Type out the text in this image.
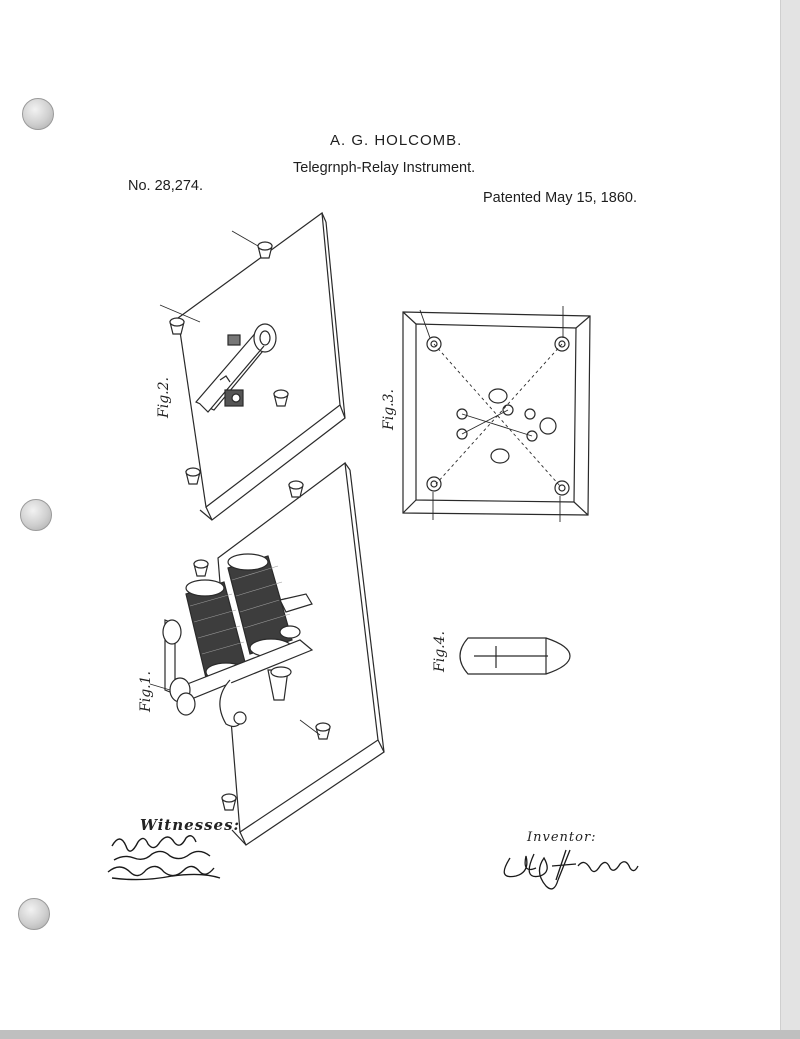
A. G. HOLCOMB.
Telegrnph-Relay Instrument.
No. 28,274.
Patented May 15, 1860.
Fig.2.
Fig.1.
Fig.3.
Fig.4.
Witnesses:
Inventor:
